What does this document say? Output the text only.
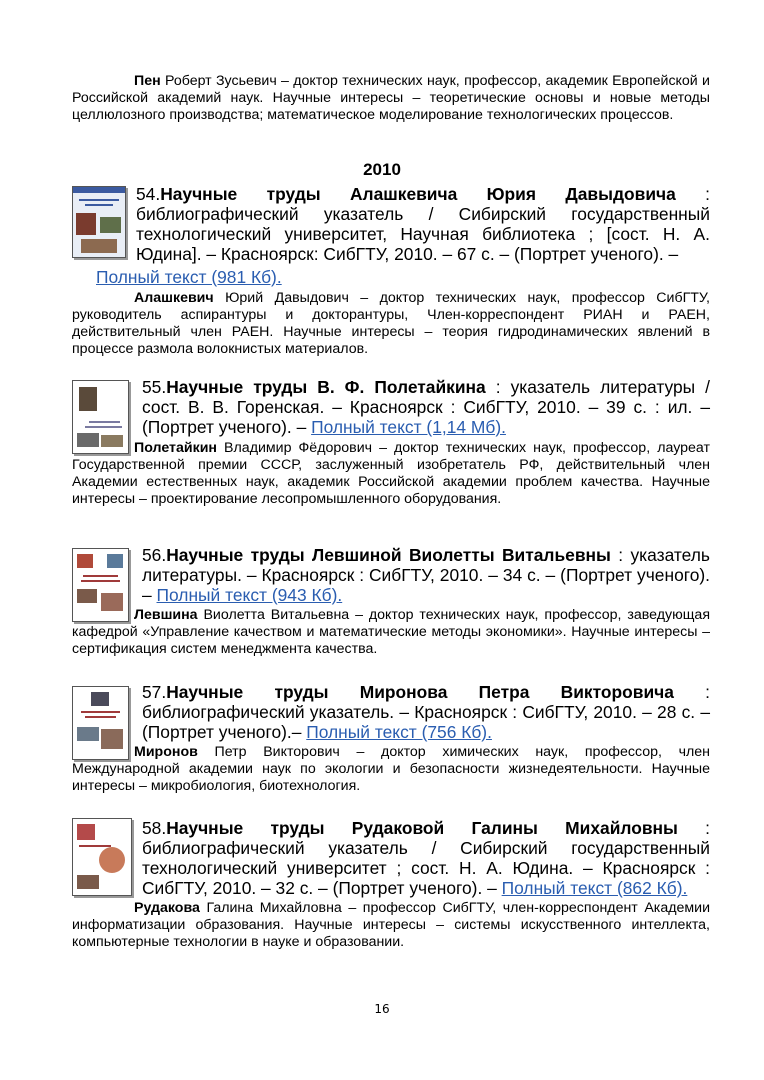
Пен Роберт Зусьевич – доктор технических наук, профессор, академик Европейской и Российской академий наук. Научные интересы – теоретические основы и новые методы целлюлозного производства; математическое моделирование технологических процессов.
2010
54.Научные труды Алашкевича Юрия Давыдовича : библиографический указатель / Сибирский государственный технологический университет, Научная библиотека ; [сост. Н. А. Юдина]. – Красноярск: СибГТУ, 2010. – 67 с. – (Портрет ученого). –
Полный текст (981 Кб).
Алашкевич Юрий Давыдович – доктор технических наук, профессор СибГТУ, руководитель аспирантуры и докторантуры, Член-корреспондент РИАН и РАЕН, действительный член РАЕН. Научные интересы – теория гидродинамических явлений в процессе размола волокнистых материалов.
55.Научные труды В. Ф. Полетайкина : указатель литературы / сост. В. В. Горенская. – Красноярск : СибГТУ, 2010. – 39 с. : ил. – (Портрет ученого). – Полный текст (1,14 Мб).
Полетайкин Владимир Фёдорович – доктор технических наук, профессор, лауреат Государственной премии СССР, заслуженный изобретатель РФ, действительный член Академии естественных наук, академик Российской академии проблем качества. Научные интересы – проектирование лесопромышленного оборудования.
56.Научные труды Левшиной Виолетты Витальевны : указатель литературы. – Красноярск : СибГТУ, 2010. – 34 с. – (Портрет ученого). – Полный текст (943 Кб).
Левшина Виолетта Витальевна – доктор технических наук, профессор, заведующая кафедрой «Управление качеством и математические методы экономики». Научные интересы – сертификация систем менеджмента качества.
57.Научные труды Миронова Петра Викторовича : библиографический указатель. – Красноярск : СибГТУ, 2010. – 28 с. – (Портрет ученого).– Полный текст (756 Кб).
Миронов Петр Викторович – доктор химических наук, профессор, член Международной академии наук по экологии и безопасности жизнедеятельности. Научные интересы – микробиология, биотехнология.
58.Научные труды Рудаковой Галины Михайловны : библиографический указатель / Сибирский государственный технологический университет ; сост. Н. А. Юдина. – Красноярск : СибГТУ, 2010. – 32 с. – (Портрет ученого). – Полный текст (862 Кб).
Рудакова Галина Михайловна – профессор СибГТУ, член-корреспондент Академии информатизации образования. Научные интересы – системы искусственного интеллекта, компьютерные технологии в науке и образовании.
16
